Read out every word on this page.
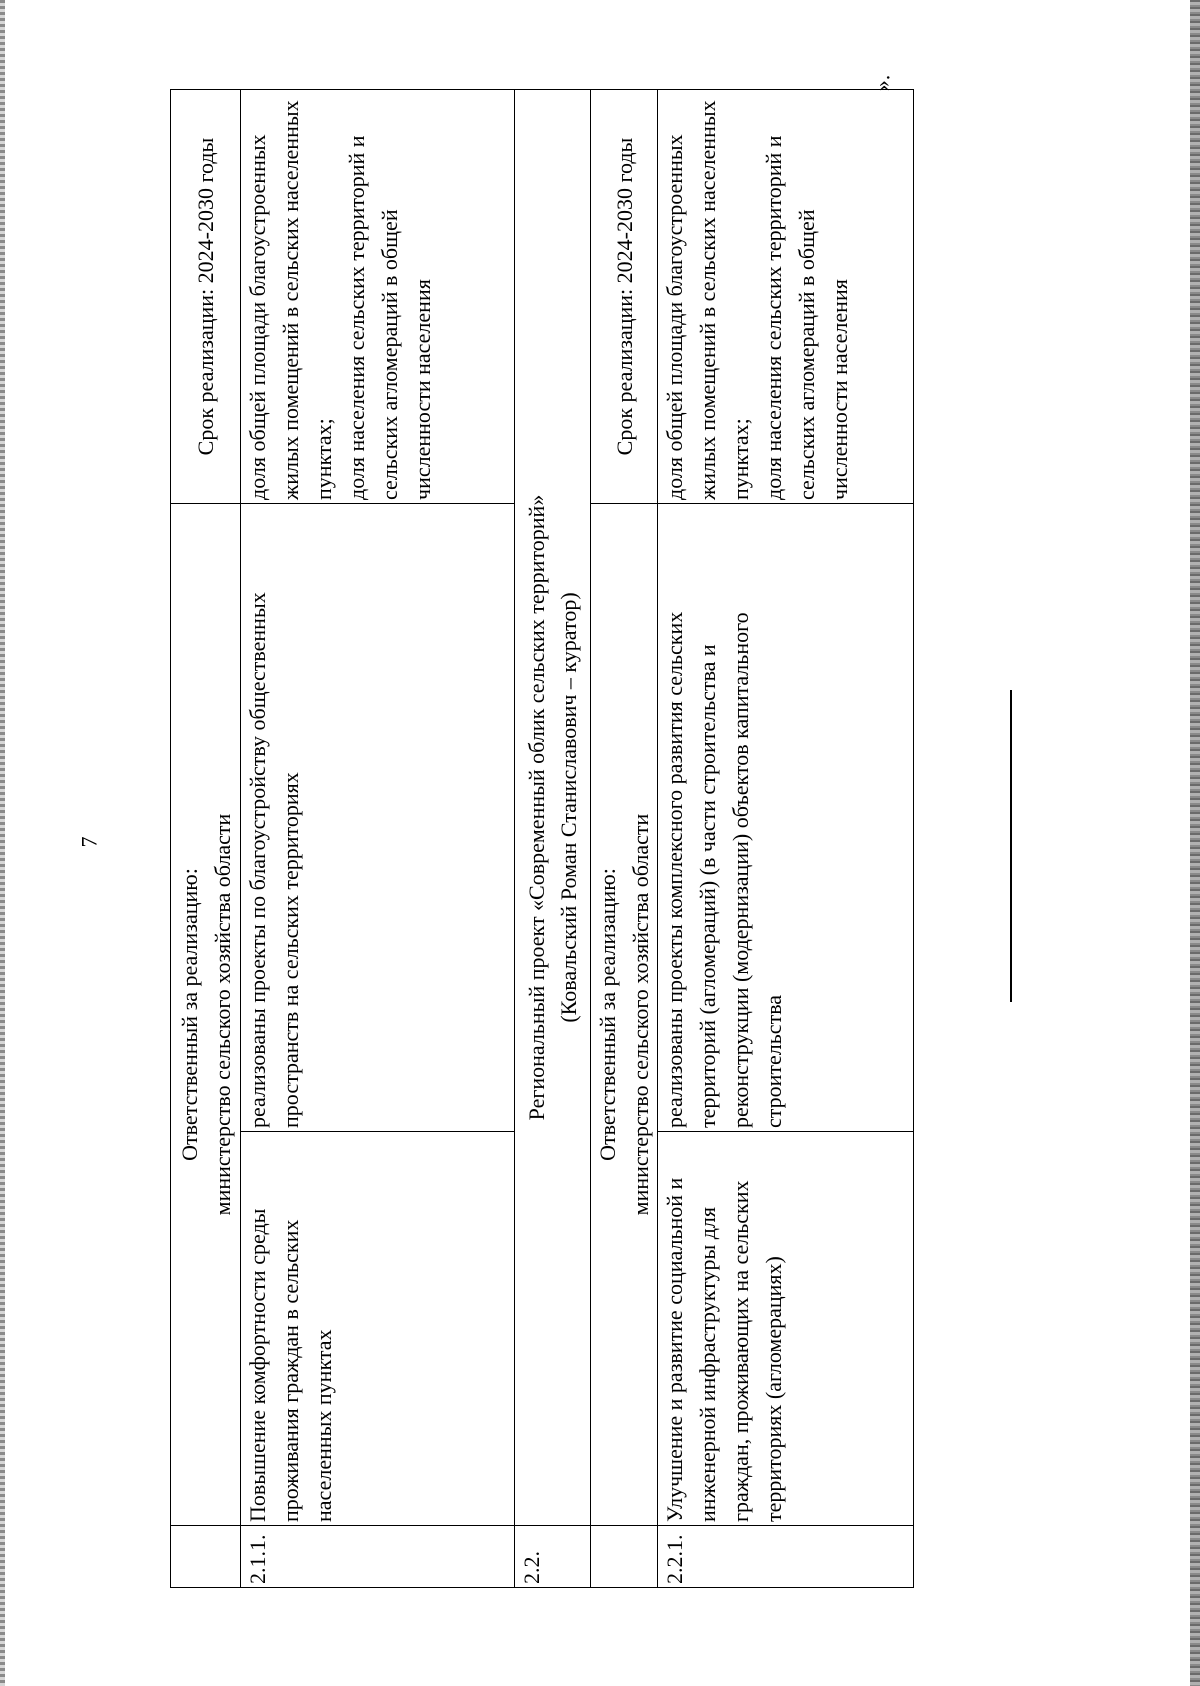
7
	Ответственный за реализацию:
министерство сельского хозяйства области		Срок реализации: 2024-2030 годы
2.1.1.	Повышение комфортности среды проживания граждан в сельских населенных пунктах	реализованы проекты по благоустройству общественных пространств на сельских территориях	доля общей площади благоустроенных жилых помещений в сельских населенных пунктах;
доля населения сельских территорий и сельских агломераций в общей численности населения
2.2.	Региональный проект «Современный облик сельских территорий»
(Ковальский Роман Станиславович – куратор)		
	Ответственный за реализацию:
министерство сельского хозяйства области		Срок реализации: 2024-2030 годы
2.2.1.	Улучшение и развитие социальной и инженерной инфраструктуры для граждан, проживающих на сельских территориях (агломерациях)	реализованы проекты комплексного развития сельских территорий (агломераций) (в части строительства и реконструкции (модернизации) объектов капитального строительства	доля общей площади благоустроенных жилых помещений в сельских населенных пунктах;
доля населения сельских территорий и сельских агломераций в общей численности населения
».
